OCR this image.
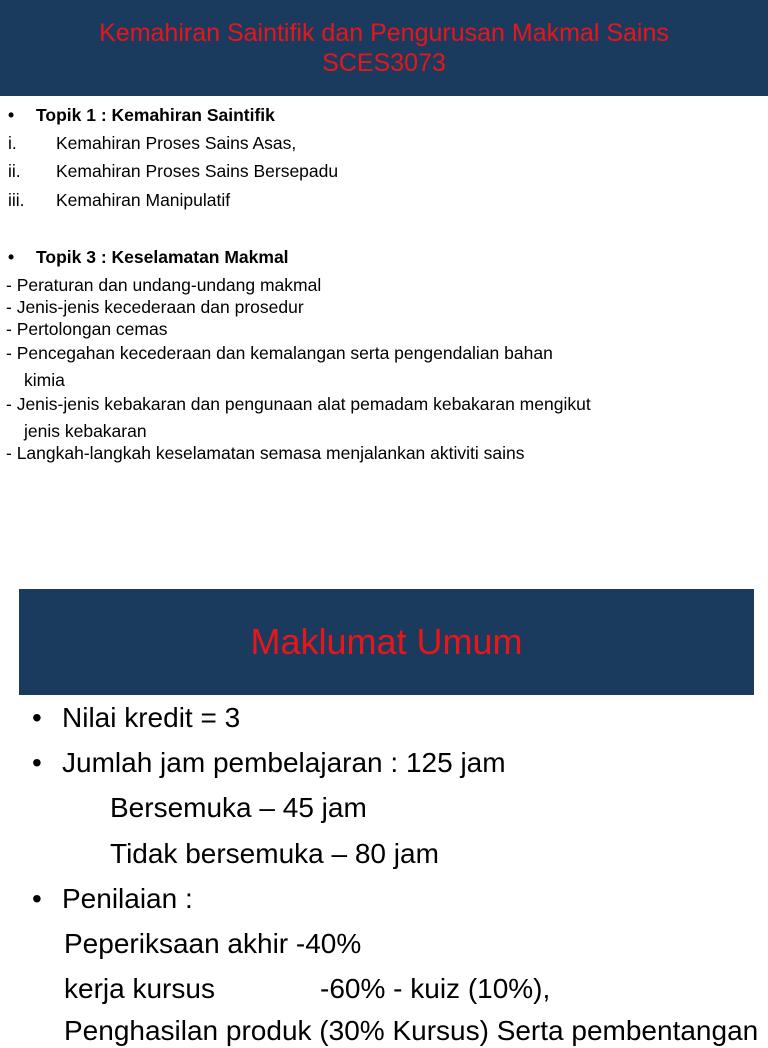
Kemahiran Saintifik dan Pengurusan Makmal Sains
SCES3073
• Topik 1 : Kemahiran Saintifik
i. Kemahiran Proses Sains Asas,
ii. Kemahiran Proses Sains Bersepadu
iii. Kemahiran Manipulatif
• Topik 3 : Keselamatan Makmal
- Peraturan dan undang-undang makmal
- Jenis-jenis kecederaan dan prosedur
- Pertolongan cemas
- Pencegahan kecederaan dan kemalangan serta pengendalian bahan
kimia
- Jenis-jenis kebakaran dan pengunaan alat pemadam kebakaran mengikut
jenis kebakaran
- Langkah-langkah keselamatan semasa menjalankan aktiviti sains
Maklumat Umum
• Nilai kredit = 3
• Jumlah jam pembelajaran : 125 jam
Bersemuka – 45 jam
Tidak bersemuka – 80 jam
• Penilaian :
Peperiksaan akhir -40%
kerja kursus	-60% - kuiz (10%),
Penghasilan produk (30% Kursus) Serta pembentangan
